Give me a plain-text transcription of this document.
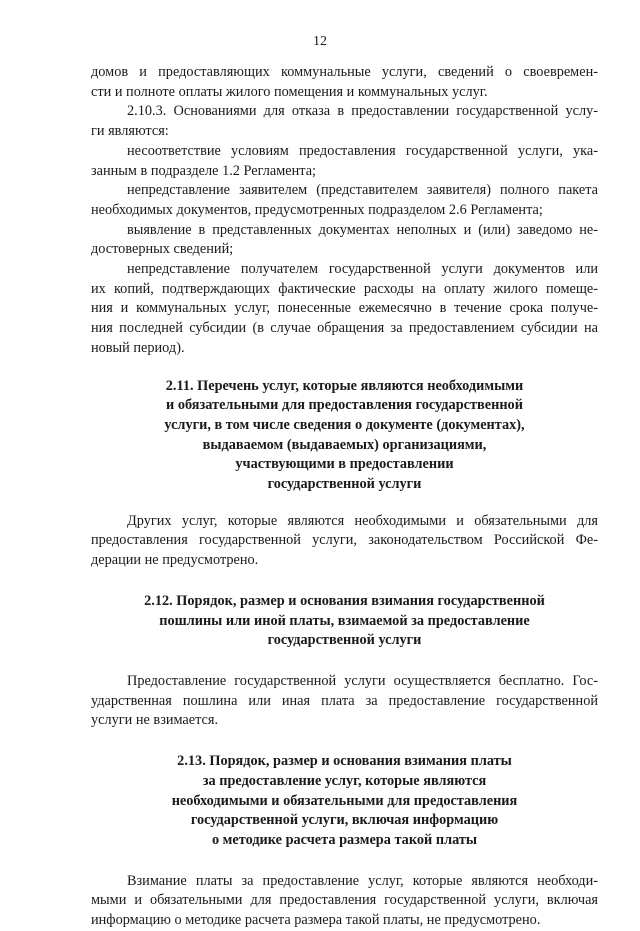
12
домов и предоставляющих коммунальные услуги, сведений о своевремен-
сти и полноте оплаты жилого помещения и коммунальных услуг.
2.10.3. Основаниями для отказа в предоставлении государственной услу-
ги являются:
несоответствие условиям предоставления государственной услуги, ука-
занным в подразделе 1.2 Регламента;
непредставление заявителем (представителем заявителя) полного пакета
необходимых документов, предусмотренных подразделом 2.6 Регламента;
выявление в представленных документах неполных и (или) заведомо не-
достоверных сведений;
непредставление получателем государственной услуги документов или
их копий, подтверждающих фактические расходы на оплату жилого помеще-
ния и коммунальных услуг, понесенные ежемесячно в течение срока получе-
ния последней субсидии (в случае обращения за предоставлением субсидии на
новый период).
2.11. Перечень услуг, которые являются необходимыми
и обязательными для предоставления государственной
услуги, в том числе сведения о документе (документах),
выдаваемом (выдаваемых) организациями,
участвующими в предоставлении
государственной услуги
Других услуг, которые являются необходимыми и обязательными для
предоставления государственной услуги, законодательством Российской Фе-
дерации не предусмотрено.
2.12. Порядок, размер и основания взимания государственной
пошлины или иной платы, взимаемой за предоставление
государственной услуги
Предоставление государственной услуги осуществляется бесплатно. Гос-
ударственная пошлина или иная плата за предоставление государственной
услуги не взимается.
2.13. Порядок, размер и основания взимания платы
за предоставление услуг, которые являются
необходимыми и обязательными для предоставления
государственной услуги, включая информацию
о методике расчета размера такой платы
Взимание платы за предоставление услуг, которые являются необходи-
мыми и обязательными для предоставления государственной услуги, включая
информацию о методике расчета размера такой платы, не предусмотрено.
